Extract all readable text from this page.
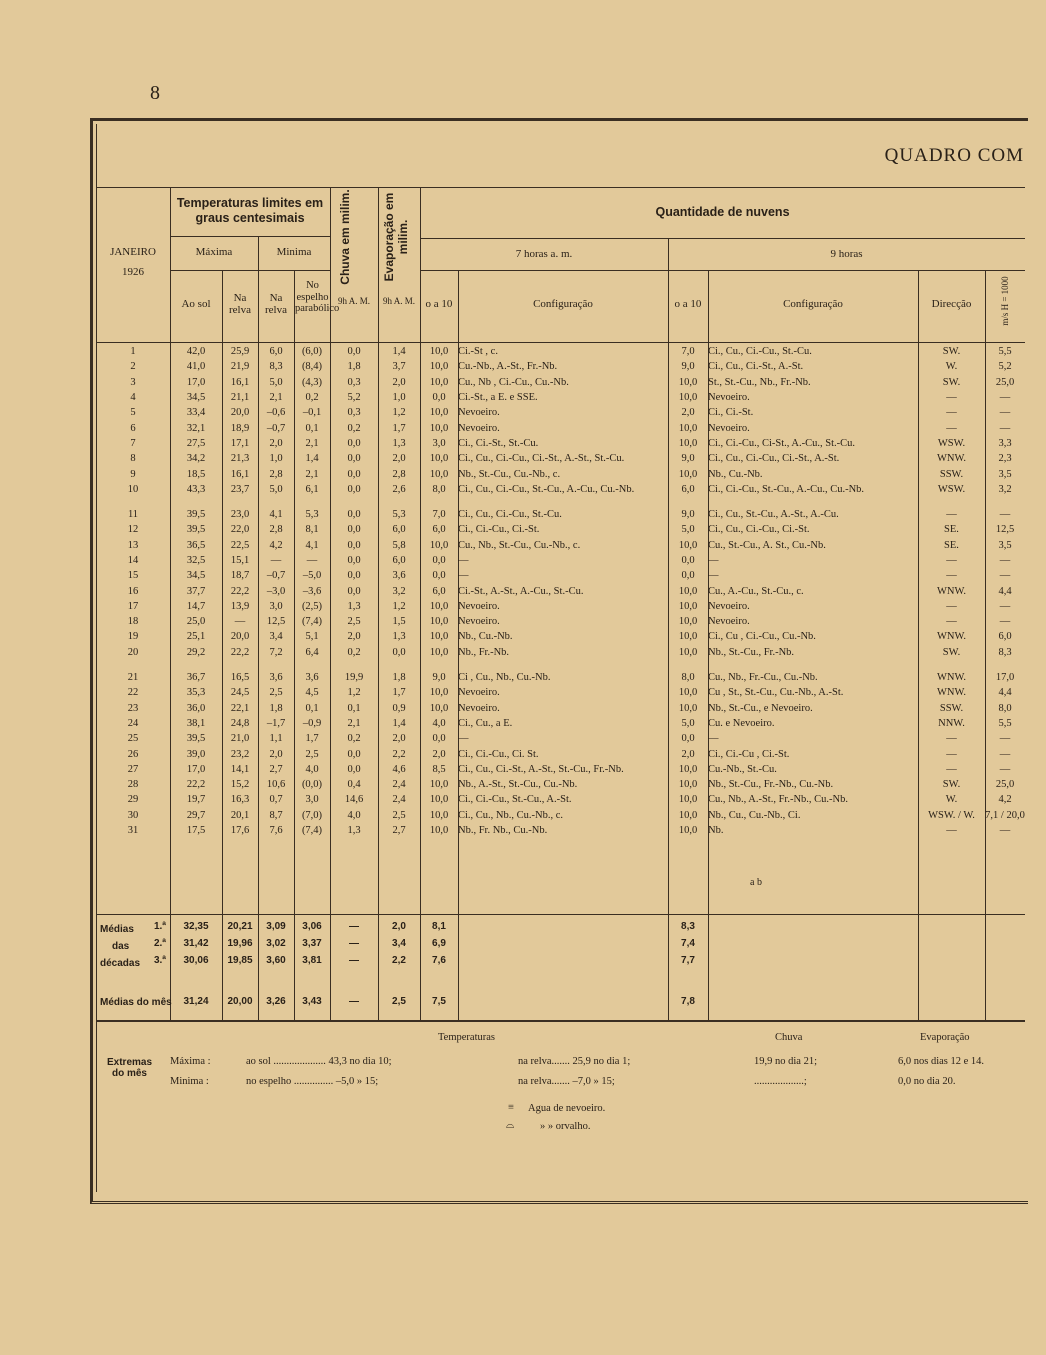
8
QUADRO COM
JANEIRO
1926
Temperaturas limites em graus centesimais
Máxima	Minima
Ao sol	Na relva
Na relva
No espelho parabólico
Chuva em milim.	Evaporação em milim.
9h A. M.	9h A. M.
Quantidade de nuvens
7 horas a. m.	9 horas
o a 10	Configuração	o a 10	Configuração	Direcção	m/s H = 1000
1	42,0	25,9	6,0	(6,0)	0,0	1,4	10,0	Ci.-St , c.	7,0	Ci., Cu., Ci.-Cu., St.-Cu.	SW.	5,5
2	41,0	21,9	8,3	(8,4)	1,8	3,7	10,0	Cu.-Nb., A.-St., Fr.-Nb.	9,0	Ci., Cu., Ci.-St., A.-St.	W.	5,2
3	17,0	16,1	5,0	(4,3)	0,3	2,0	10,0	Cu., Nb , Ci.-Cu., Cu.-Nb.	10,0	St., St.-Cu., Nb., Fr.-Nb.	SW.	25,0
4	34,5	21,1	2,1	0,2	5,2	1,0	0,0	Ci.-St., a E. e SSE.	10,0	Nevoeiro.	—	—
5	33,4	20,0	–0,6	–0,1	0,3	1,2	10,0	Nevoeiro.	2,0	Ci., Ci.-St.	—	—
6	32,1	18,9	–0,7	0,1	0,2	1,7	10,0	Nevoeiro.	10,0	Nevoeiro.	—	—
7	27,5	17,1	2,0	2,1	0,0	1,3	3,0	Ci., Ci.-St., St.-Cu.	10,0	Ci., Ci.-Cu., Ci-St., A.-Cu., St.-Cu.	WSW.	3,3
8	34,2	21,3	1,0	1,4	0,0	2,0	10,0	Ci., Cu., Ci.-Cu., Ci.-St., A.-St., St.-Cu.	9,0	Ci., Cu., Ci.-Cu., Ci.-St., A.-St.	WNW.	2,3
9	18,5	16,1	2,8	2,1	0,0	2,8	10,0	Nb., St.-Cu., Cu.-Nb., c.	10,0	Nb., Cu.-Nb.	SSW.	3,5
10	43,3	23,7	5,0	6,1	0,0	2,6	8,0	Ci., Cu., Ci.-Cu., St.-Cu., A.-Cu., Cu.-Nb.	6,0	Ci., Ci.-Cu., St.-Cu., A.-Cu., Cu.-Nb.	WSW.	3,2

11	39,5	23,0	4,1	5,3	0,0	5,3	7,0	Ci., Cu., Ci.-Cu., St.-Cu.	9,0	Ci., Cu., St.-Cu., A.-St., A.-Cu.	—	—
12	39,5	22,0	2,8	8,1	0,0	6,0	6,0	Ci., Ci.-Cu., Ci.-St.	5,0	Ci., Cu., Ci.-Cu., Ci.-St.	SE.	12,5
13	36,5	22,5	4,2	4,1	0,0	5,8	10,0	Cu., Nb., St.-Cu., Cu.-Nb., c.	10,0	Cu., St.-Cu., A. St., Cu.-Nb.	SE.	3,5
14	32,5	15,1	—	—	0,0	6,0	0,0	—	0,0	—	—	—
15	34,5	18,7	–0,7	–5,0	0,0	3,6	0,0	—	0,0	—	—	—
16	37,7	22,2	–3,0	–3,6	0,0	3,2	6,0	Ci.-St., A.-St., A.-Cu., St.-Cu.	10,0	Cu., A.-Cu., St.-Cu., c.	WNW.	4,4
17	14,7	13,9	3,0	(2,5)	1,3	1,2	10,0	Nevoeiro.	10,0	Nevoeiro.	—	—
18	25,0	—	12,5	(7,4)	2,5	1,5	10,0	Nevoeiro.	10,0	Nevoeiro.	—	—
19	25,1	20,0	3,4	5,1	2,0	1,3	10,0	Nb., Cu.-Nb.	10,0	Ci., Cu , Ci.-Cu., Cu.-Nb.	WNW.	6,0
20	29,2	22,2	7,2	6,4	0,2	0,0	10,0	Nb., Fr.-Nb.	10,0	Nb., St.-Cu., Fr.-Nb.	SW.	8,3

21	36,7	16,5	3,6	3,6	19,9	1,8	9,0	Ci , Cu., Nb., Cu.-Nb.	8,0	Cu., Nb., Fr.-Cu., Cu.-Nb.	WNW.	17,0
22	35,3	24,5	2,5	4,5	1,2	1,7	10,0	Nevoeiro.	10,0	Cu , St., St.-Cu., Cu.-Nb., A.-St.	WNW.	4,4
23	36,0	22,1	1,8	0,1	0,1	0,9	10,0	Nevoeiro.	10,0	Nb., St.-Cu., e Nevoeiro.	SSW.	8,0
24	38,1	24,8	–1,7	–0,9	2,1	1,4	4,0	Ci., Cu., a E.	5,0	Cu. e Nevoeiro.	NNW.	5,5
25	39,5	21,0	1,1	1,7	0,2	2,0	0,0	—	0,0	—	—	—
26	39,0	23,2	2,0	2,5	0,0	2,2	2,0	Ci., Ci.-Cu., Ci. St.	2,0	Ci., Ci.-Cu , Ci.-St.	—	—
27	17,0	14,1	2,7	4,0	0,0	4,6	8,5	Ci., Cu., Ci.-St., A.-St., St.-Cu., Fr.-Nb.	10,0	Cu.-Nb., St.-Cu.	—	—
28	22,2	15,2	10,6	(0,0)	0,4	2,4	10,0	Nb., A.-St., St.-Cu., Cu.-Nb.	10,0	Nb., St.-Cu., Fr.-Nb., Cu.-Nb.	SW.	25,0
29	19,7	16,3	0,7	3,0	14,6	2,4	10,0	Ci., Ci.-Cu., St.-Cu., A.-St.	10,0	Cu., Nb., A.-St., Fr.-Nb., Cu.-Nb.	W.	4,2
30	29,7	20,1	8,7	(7,0)	4,0	2,5	10,0	Ci., Cu., Nb., Cu.-Nb., c.	10,0	Nb., Cu., Cu.-Nb., Ci.	WSW. / W.	7,1 / 20,0
31	17,5	17,6	7,6	(7,4)	1,3	2,7	10,0	Nb., Fr. Nb., Cu.-Nb.	10,0	Nb.	—	—
a b
Médias
das
décadas
1.ª	32,35	20,21	3,09	3,06	—	2,0	8,1		8,3	
2.ª	31,42	19,96	3,02	3,37	—	3,4	6,9		7,4	
3.ª	30,06	19,85	3,60	3,81	—	2,2	7,6		7,7	

	31,24	20,00	3,26	3,43	—	2,5	7,5		7,8	
Médias do mês
Temperaturas	Chuva	Evaporação
Extremas do mês
Máxima :
Minima :
ao sol .................... 43,3 no dia 10;	na relva....... 25,9 no dia 1;	19,9 no dia 21;	6,0 nos dias 12 e 14.
no espelho ............... –5,0 » 15;	na relva....... –7,0 » 15;	...................;	0,0 no dia 20.
≡ Agua de nevoeiro.
⌓ » » orvalho.
